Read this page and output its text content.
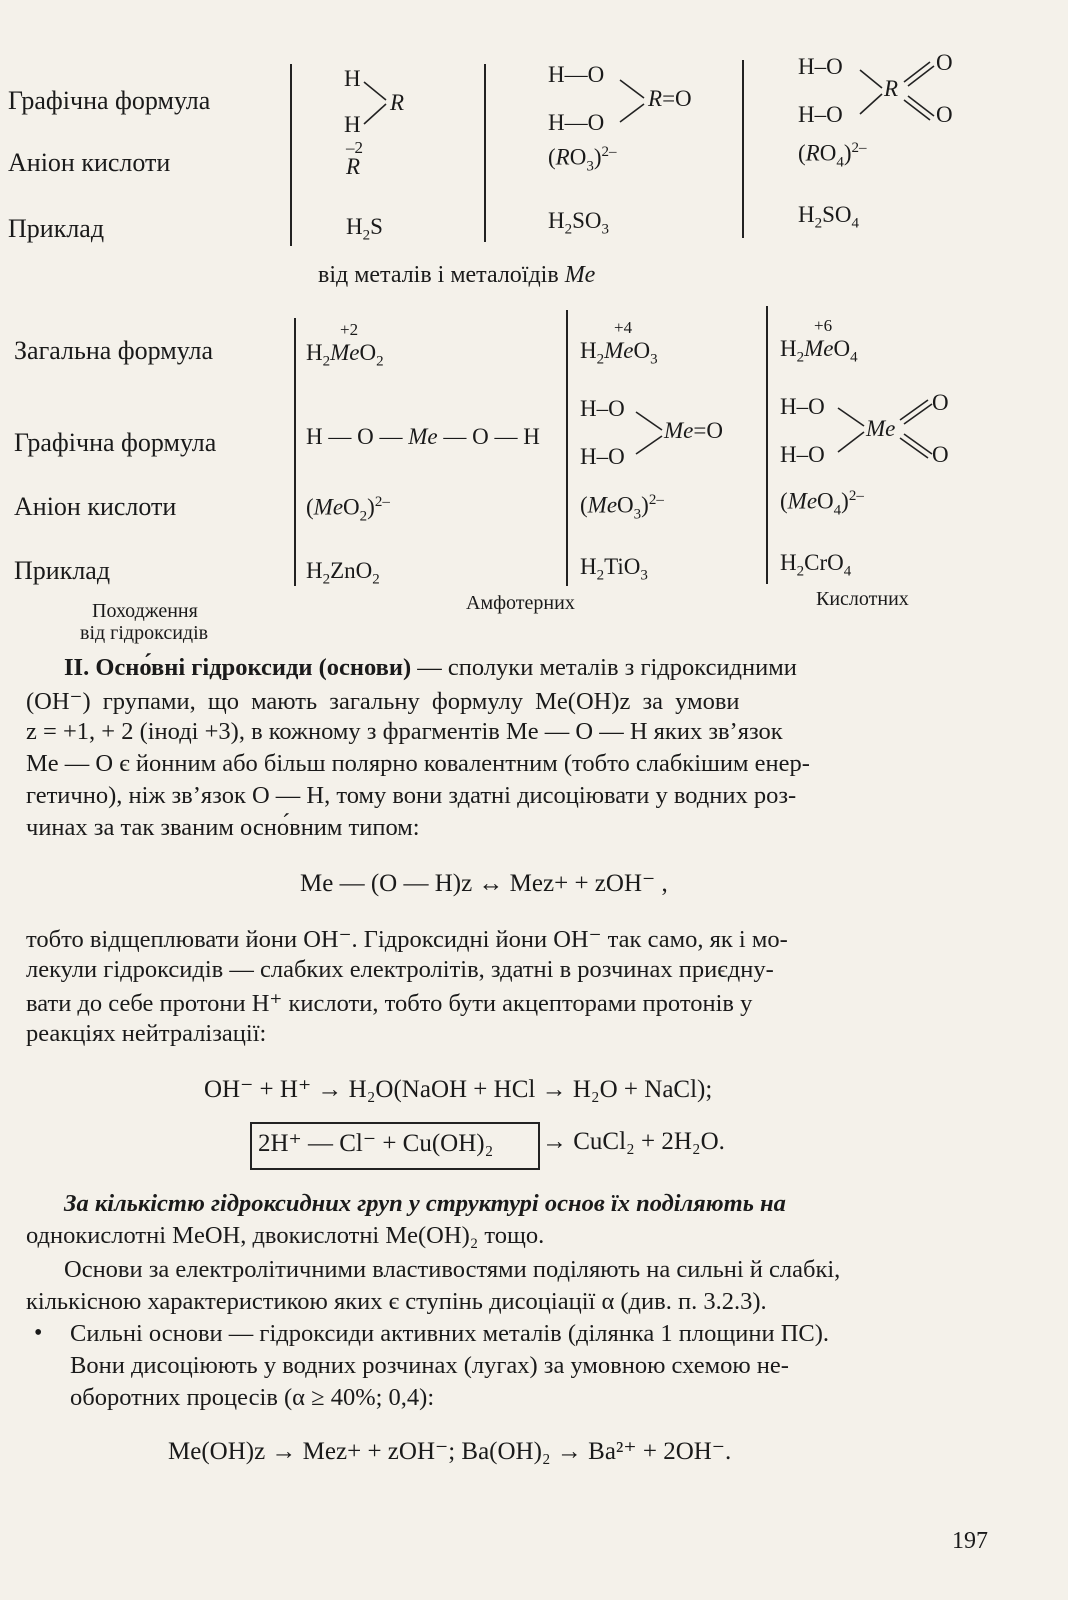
Графічна формула
Аніон кислоти
Приклад
H
R
H
–2
R
$H_2S$
H—O
R=O
H—O
$(RO_3)^{2-}$
$H_2SO_3$
H–O
H–O
R
O
O
$(RO_4)^{2-}$
$H_2SO_4$
від металів і металоїдів Me
Загальна формула
Графічна формула
Аніон кислоти
Приклад
+2
$H_2MeO_2$
H — O — Me — O — H
$(MeO_2)^{2-}$
$H_2ZnO_2$
+4
$H_2MeO_3$
H–O
Me=O
H–O
$(MeO_3)^{2-}$
$H_2TiO_3$
+6
$H_2MeO_4$
H–O
H–O
Me
O
O
$(MeO_4)^{2-}$
$H_2CrO_4$
Походження
від гідроксидів
Амфотерних	Кислотних
II. Осно́вні гідроксиди (основи) — сполуки металів з гідроксидними
(OH⁻) групами, що мають загальну формулу Me(OH)z за умови
z = +1, + 2 (іноді +3), в кожному з фрагментів Me — O — H яких зв’язок
Me — O є йонним або більш полярно ковалентним (тобто слабкішим енер-
гетично), ніж зв’язок O — H, тому вони здатні дисоціювати у водних роз-
чинах за так званим осно́вним типом:
Me — (O — H)z ↔ Mez+ + zOH⁻ ,
тобто відщеплювати йони OH⁻. Гідроксидні йони OH⁻ так само, як і мо-
лекули гідроксидів — слабких електролітів, здатні в розчинах приєдну-
вати до себе протони H⁺ кислоти, тобто бути акцепторами протонів у
реакціях нейтралізації:
OH⁻ + H⁺ → H₂O(NaOH + HCl → H₂O + NaCl);
2H⁺ — Cl⁻ + Cu(OH)₂ → CuCl₂ + 2H₂O.
За кількістю гідроксидних груп у структурі основ їх поділяють на
однокислотні MeOH, двокислотні Me(OH)₂ тощо.
Основи за електролітичними властивостями поділяють на сильні й слабкі,
кількісною характеристикою яких є ступінь дисоціації α (див. п. 3.2.3).
• Сильні основи — гідроксиди активних металів (ділянка 1 площини ПС).
Вони дисоціюють у водних розчинах (лугах) за умовною схемою не-
оборотних процесів (α ≥ 40%; 0,4):
Me(OH)z → Mez+ + zOH⁻; Ba(OH)₂ → Ba²⁺ + 2OH⁻.
197
